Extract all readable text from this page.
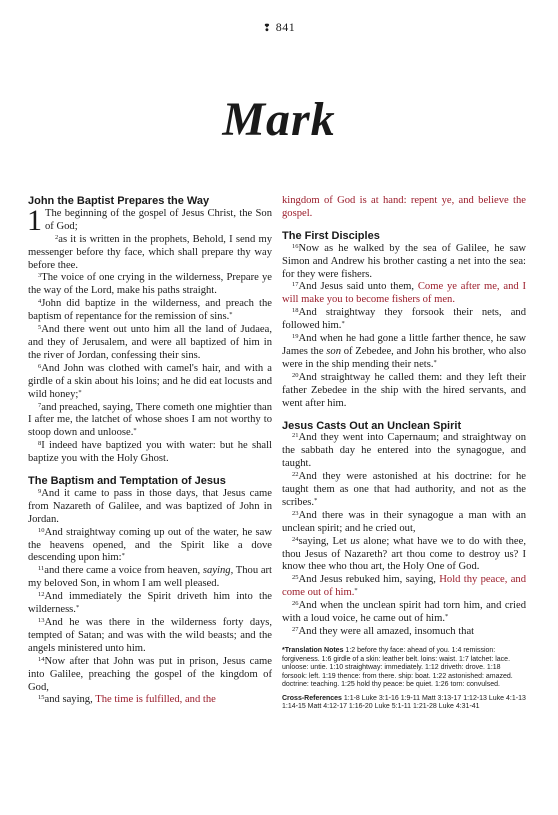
❢ 841
Mark
John the Baptist Prepares the Way

1 The beginning of the gospel of Jesus Christ, the Son of God;

$^2$as it is written in the prophets, Behold, I send my messenger before thy face, which shall prepare thy way before thee.

$^3$The voice of one crying in the wilderness, Prepare ye the way of the Lord, make his paths straight.

$^4$John did baptize in the wilderness, and preach the baptism of repentance for the remission of sins.*

$^5$And there went out unto him all the land of Judaea, and they of Jerusalem, and were all baptized of him in the river of Jordan, confessing their sins.

$^6$And John was clothed with camel's hair, and with a girdle of a skin about his loins; and he did eat locusts and wild honey;*

$^7$and preached, saying, There cometh one mightier than I after me, the latchet of whose shoes I am not worthy to stoop down and unloose.*

$^8$I indeed have baptized you with water: but he shall baptize you with the Holy Ghost.

The Baptism and Temptation of Jesus

$^9$And it came to pass in those days, that Jesus came from Nazareth of Galilee, and was baptized of John in Jordan.

$^{10}$And straightway coming up out of the water, he saw the heavens opened, and the Spirit like a dove descending upon him:*

$^{11}$and there came a voice from heaven, saying, Thou art my beloved Son, in whom I am well pleased.

$^{12}$And immediately the Spirit driveth him into the wilderness.*

$^{13}$And he was there in the wilderness forty days, tempted of Satan; and was with the wild beasts; and the angels ministered unto him.

$^{14}$Now after that John was put in prison, Jesus came into Galilee, preaching the gospel of the kingdom of God,

$^{15}$and saying, The time is fulfilled, and the

kingdom of God is at hand: repent ye, and believe the gospel.

The First Disciples

$^{16}$Now as he walked by the sea of Galilee, he saw Simon and Andrew his brother casting a net into the sea: for they were fishers.

$^{17}$And Jesus said unto them, Come ye after me, and I will make you to become fishers of men.

$^{18}$And straightway they forsook their nets, and followed him.*

$^{19}$And when he had gone a little farther thence, he saw James the son of Zebedee, and John his brother, who also were in the ship mending their nets.*

$^{20}$And straightway he called them: and they left their father Zebedee in the ship with the hired servants, and went after him.

Jesus Casts Out an Unclean Spirit

$^{21}$And they went into Capernaum; and straightway on the sabbath day he entered into the synagogue, and taught.

$^{22}$And they were astonished at his doctrine: for he taught them as one that had authority, and not as the scribes.*

$^{23}$And there was in their synagogue a man with an unclean spirit; and he cried out,

$^{24}$saying, Let us alone; what have we to do with thee, thou Jesus of Nazareth? art thou come to destroy us? I know thee who thou art, the Holy One of God.

$^{25}$And Jesus rebuked him, saying, Hold thy peace, and come out of him.*

$^{26}$And when the unclean spirit had torn him, and cried with a loud voice, he came out of him.*

$^{27}$And they were all amazed, insomuch that

*Translation Notes 1:2 before thy face: ahead of you. 1:4 remission: forgiveness. 1:6 girdle of a skin: leather belt. loins: waist. 1:7 latchet: lace. unloose: untie. 1:10 straightway: immediately. 1:12 driveth: drove. 1:18 forsook: left. 1:19 thence: from there. ship: boat. 1:22 astonished: amazed. doctrine: teaching. 1:25 hold thy peace: be quiet. 1:26 torn: convulsed.
Cross-References 1:1-8 Luke 3:1-16 1:9-11 Matt 3:13-17 1:12-13 Luke 4:1-13 1:14-15 Matt 4:12-17 1:16-20 Luke 5:1-11 1:21-28 Luke 4:31-41
